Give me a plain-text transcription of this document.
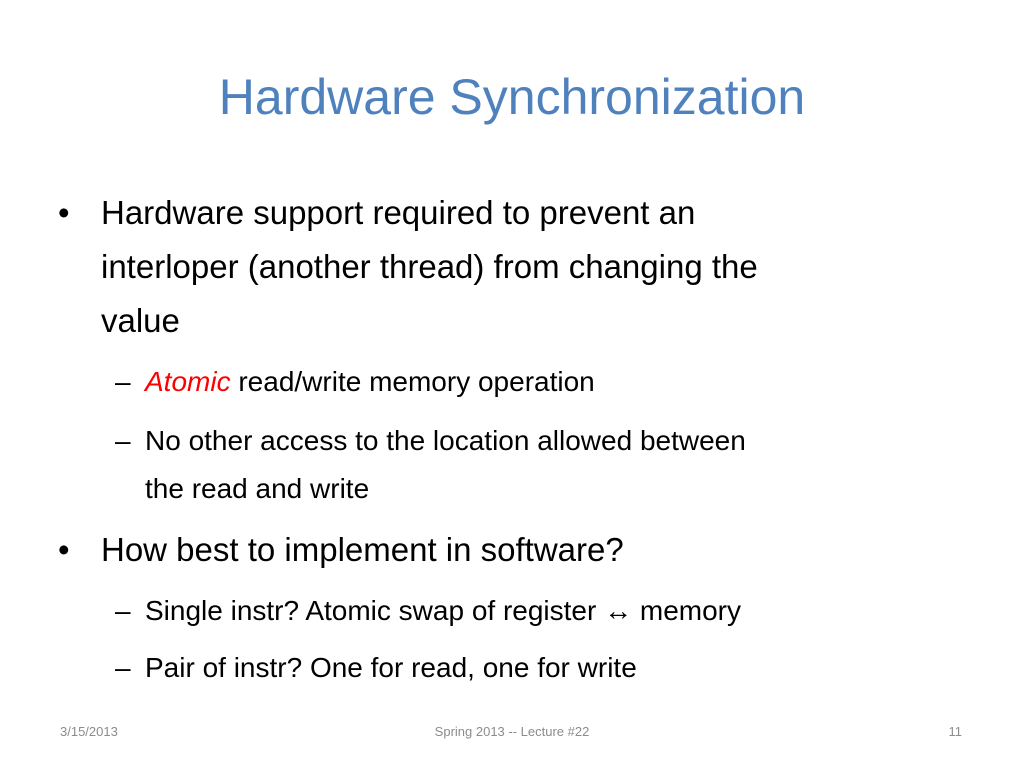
Hardware Synchronization
• Hardware support required to prevent an
interloper (another thread) from changing the
value
– Atomic read/write memory operation
– No other access to the location allowed between
the read and write
• How best to implement in software?
– Single instr? Atomic swap of register ↔ memory
– Pair of instr? One for read, one for write
3/15/2013	Spring 2013 -- Lecture #22	11
